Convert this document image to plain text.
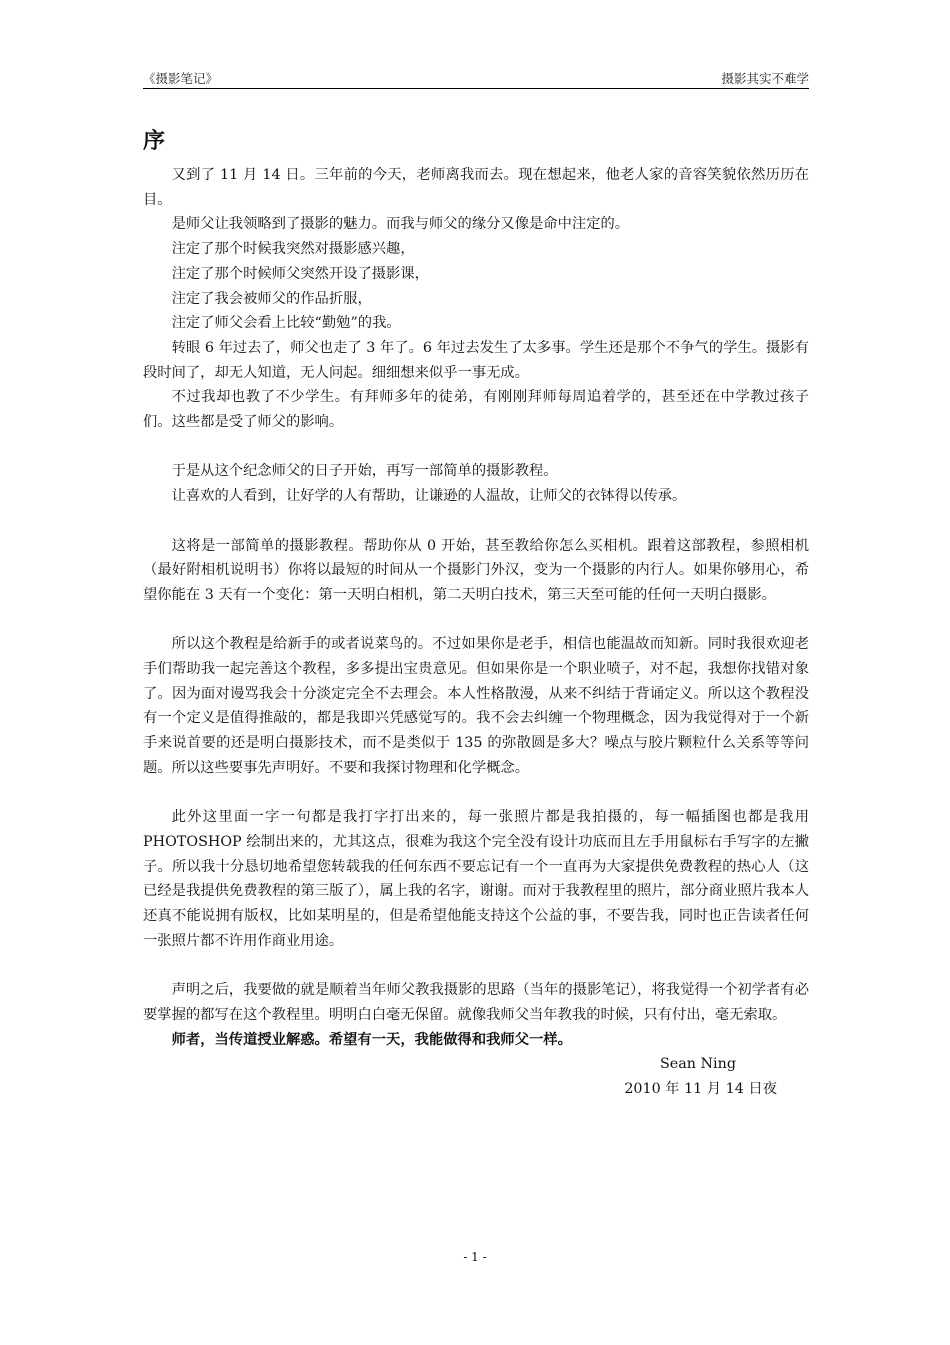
《摄影笔记》	摄影其实不难学
序

又到了 11 月 14 日。三年前的今天，老师离我而去。现在想起来，他老人家的音容笑貌依然历历在目。

是师父让我领略到了摄影的魅力。而我与师父的缘分又像是命中注定的。

注定了那个时候我突然对摄影感兴趣，

注定了那个时候师父突然开设了摄影课，

注定了我会被师父的作品折服，

注定了师父会看上比较“勤勉”的我。

转眼 6 年过去了，师父也走了 3 年了。6 年过去发生了太多事。学生还是那个不争气的学生。摄影有段时间了，却无人知道，无人问起。细细想来似乎一事无成。

不过我却也教了不少学生。有拜师多年的徒弟，有刚刚拜师每周追着学的，甚至还在中学教过孩子们。这些都是受了师父的影响。

于是从这个纪念师父的日子开始，再写一部简单的摄影教程。

让喜欢的人看到，让好学的人有帮助，让谦逊的人温故，让师父的衣钵得以传承。

这将是一部简单的摄影教程。帮助你从 0 开始，甚至教给你怎么买相机。跟着这部教程，参照相机（最好附相机说明书）你将以最短的时间从一个摄影门外汉，变为一个摄影的内行人。如果你够用心，希望你能在 3 天有一个变化：第一天明白相机，第二天明白技术，第三天至可能的任何一天明白摄影。

所以这个教程是给新手的或者说菜鸟的。不过如果你是老手，相信也能温故而知新。同时我很欢迎老手们帮助我一起完善这个教程，多多提出宝贵意见。但如果你是一个职业喷子，对不起，我想你找错对象了。因为面对谩骂我会十分淡定完全不去理会。本人性格散漫，从来不纠结于背诵定义。所以这个教程没有一个定义是值得推敲的，都是我即兴凭感觉写的。我不会去纠缠一个物理概念，因为我觉得对于一个新手来说首要的还是明白摄影技术，而不是类似于 135 的弥散圆是多大？噪点与胶片颗粒什么关系等等问题。所以这些要事先声明好。不要和我探讨物理和化学概念。

此外这里面一字一句都是我打字打出来的，每一张照片都是我拍摄的，每一幅插图也都是我用 PHOTOSHOP 绘制出来的，尤其这点，很难为我这个完全没有设计功底而且左手用鼠标右手写字的左撇子。所以我十分恳切地希望您转载我的任何东西不要忘记有一个一直再为大家提供免费教程的热心人（这已经是我提供免费教程的第三版了），属上我的名字，谢谢。而对于我教程里的照片，部分商业照片我本人还真不能说拥有版权，比如某明星的，但是希望他能支持这个公益的事，不要告我，同时也正告读者任何一张照片都不许用作商业用途。

声明之后，我要做的就是顺着当年师父教我摄影的思路（当年的摄影笔记），将我觉得一个初学者有必要掌握的都写在这个教程里。明明白白毫无保留。就像我师父当年教我的时候，只有付出，毫无索取。

师者，当传道授业解惑。希望有一天，我能做得和我师父一样。

Sean Ning
2010 年 11 月 14 日夜
- 1 -
